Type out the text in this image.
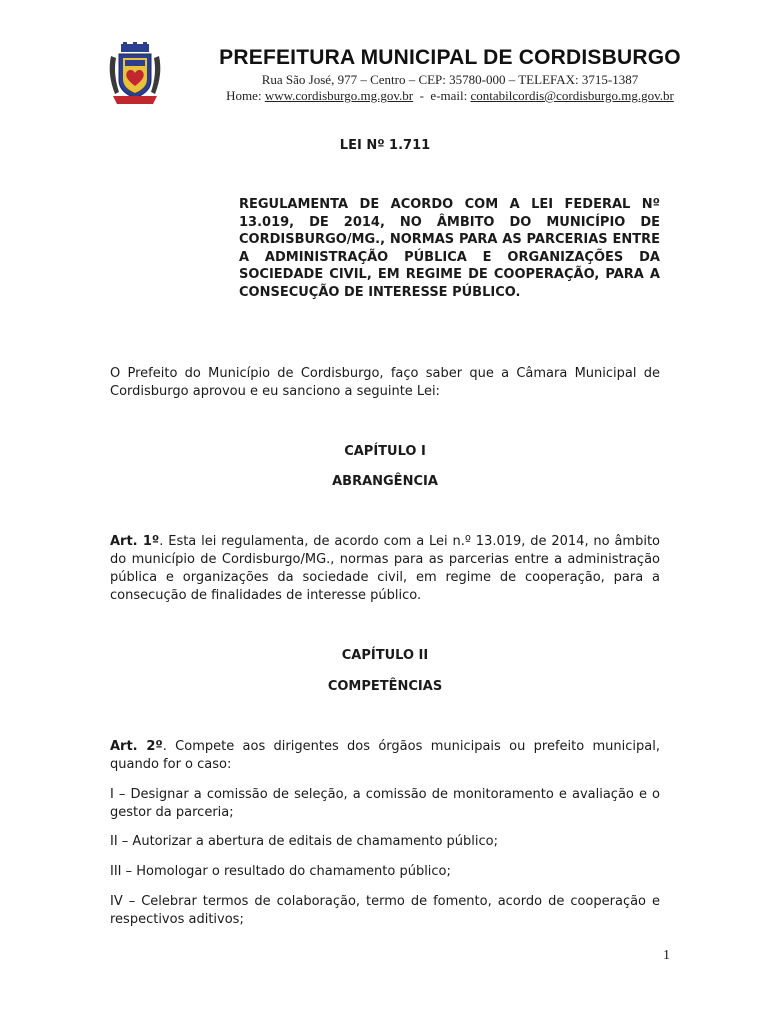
PREFEITURA MUNICIPAL DE CORDISBURGO
Rua São José, 977 – Centro – CEP: 35780-000 – TELEFAX: 3715-1387
Home: www.cordisburgo.mg.gov.br  -  e-mail: contabilcordis@cordisburgo.mg.gov.br
LEI Nº 1.711
REGULAMENTA DE ACORDO COM A LEI FEDERAL Nº 13.019, DE 2014, NO ÂMBITO DO MUNICÍPIO DE CORDISBURGO/MG., NORMAS PARA AS PARCERIAS ENTRE A ADMINISTRAÇÃO PÚBLICA E ORGANIZAÇÕES DA SOCIEDADE CIVIL, EM REGIME DE COOPERAÇÃO, PARA A CONSECUÇÃO DE INTERESSE PÚBLICO.
O Prefeito do Município de Cordisburgo, faço saber que a Câmara Municipal de Cordisburgo aprovou e eu sanciono a seguinte Lei:
CAPÍTULO I
ABRANGÊNCIA
Art. 1º. Esta lei regulamenta, de acordo com a Lei n.º 13.019, de 2014, no âmbito do município de Cordisburgo/MG., normas para as parcerias entre a administração pública e organizações da sociedade civil, em regime de cooperação, para a consecução de finalidades de interesse público.
CAPÍTULO II
COMPETÊNCIAS
Art. 2º. Compete aos dirigentes dos órgãos municipais ou prefeito municipal, quando for o caso:
I – Designar a comissão de seleção, a comissão de monitoramento e avaliação e o gestor da parceria;
II – Autorizar a abertura de editais de chamamento público;
III – Homologar o resultado do chamamento público;
IV – Celebrar termos de colaboração, termo de fomento, acordo de cooperação e respectivos aditivos;
1
